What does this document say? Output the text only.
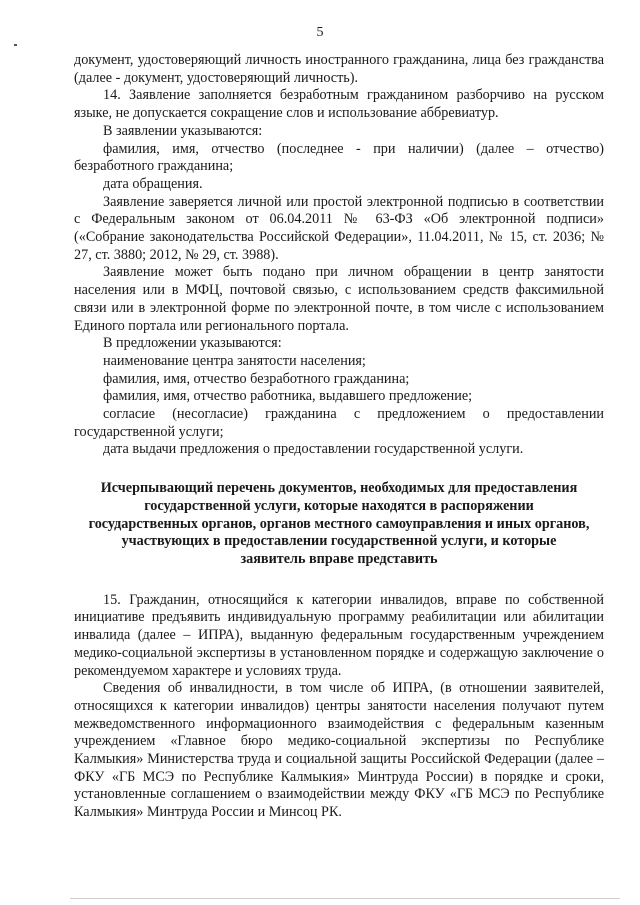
5

документ, удостоверяющий личность иностранного гражданина, лица без гражданства (далее - документ, удостоверяющий личность).

14. Заявление заполняется безработным гражданином разборчиво на русском языке, не допускается сокращение слов и использование аббревиатур.

В заявлении указываются:

фамилия, имя, отчество (последнее - при наличии) (далее – отчество) безработного гражданина;

дата обращения.

Заявление заверяется личной или простой электронной подписью в соответствии с Федеральным законом от 06.04.2011 № 63-ФЗ «Об электронной подписи» («Собрание законодательства Российской Федерации», 11.04.2011, № 15, ст. 2036; № 27, ст. 3880; 2012, № 29, ст. 3988).

Заявление может быть подано при личном обращении в центр занятости населения или в МФЦ, почтовой связью, с использованием средств факсимильной связи или в электронной форме по электронной почте, в том числе с использованием Единого портала или регионального портала.

В предложении указываются:

наименование центра занятости населения;

фамилия, имя, отчество безработного гражданина;

фамилия, имя, отчество работника, выдавшего предложение;

согласие (несогласие) гражданина с предложением о предоставлении государственной услуги;

дата выдачи предложения о предоставлении государственной услуги.

Исчерпывающий перечень документов, необходимых для предоставления государственной услуги, которые находятся в распоряжении государственных органов, органов местного самоуправления и иных органов, участвующих в предоставлении государственной услуги, и которые заявитель вправе представить

15. Гражданин, относящийся к категории инвалидов, вправе по собственной инициативе предъявить индивидуальную программу реабилитации или абилитации инвалида (далее – ИПРА), выданную федеральным государственным учреждением медико-социальной экспертизы в установленном порядке и содержащую заключение о рекомендуемом характере и условиях труда.

Сведения об инвалидности, в том числе об ИПРА, (в отношении заявителей, относящихся к категории инвалидов) центры занятости населения получают путем межведомственного информационного взаимодействия с федеральным казенным учреждением «Главное бюро медико-социальной экспертизы по Республике Калмыкия» Министерства труда и социальной защиты Российской Федерации (далее – ФКУ «ГБ МСЭ по Республике Калмыкия» Минтруда России) в порядке и сроки, установленные соглашением о взаимодействии между ФКУ «ГБ МСЭ по Республике Калмыкия» Минтруда России и Минсоц РК.
